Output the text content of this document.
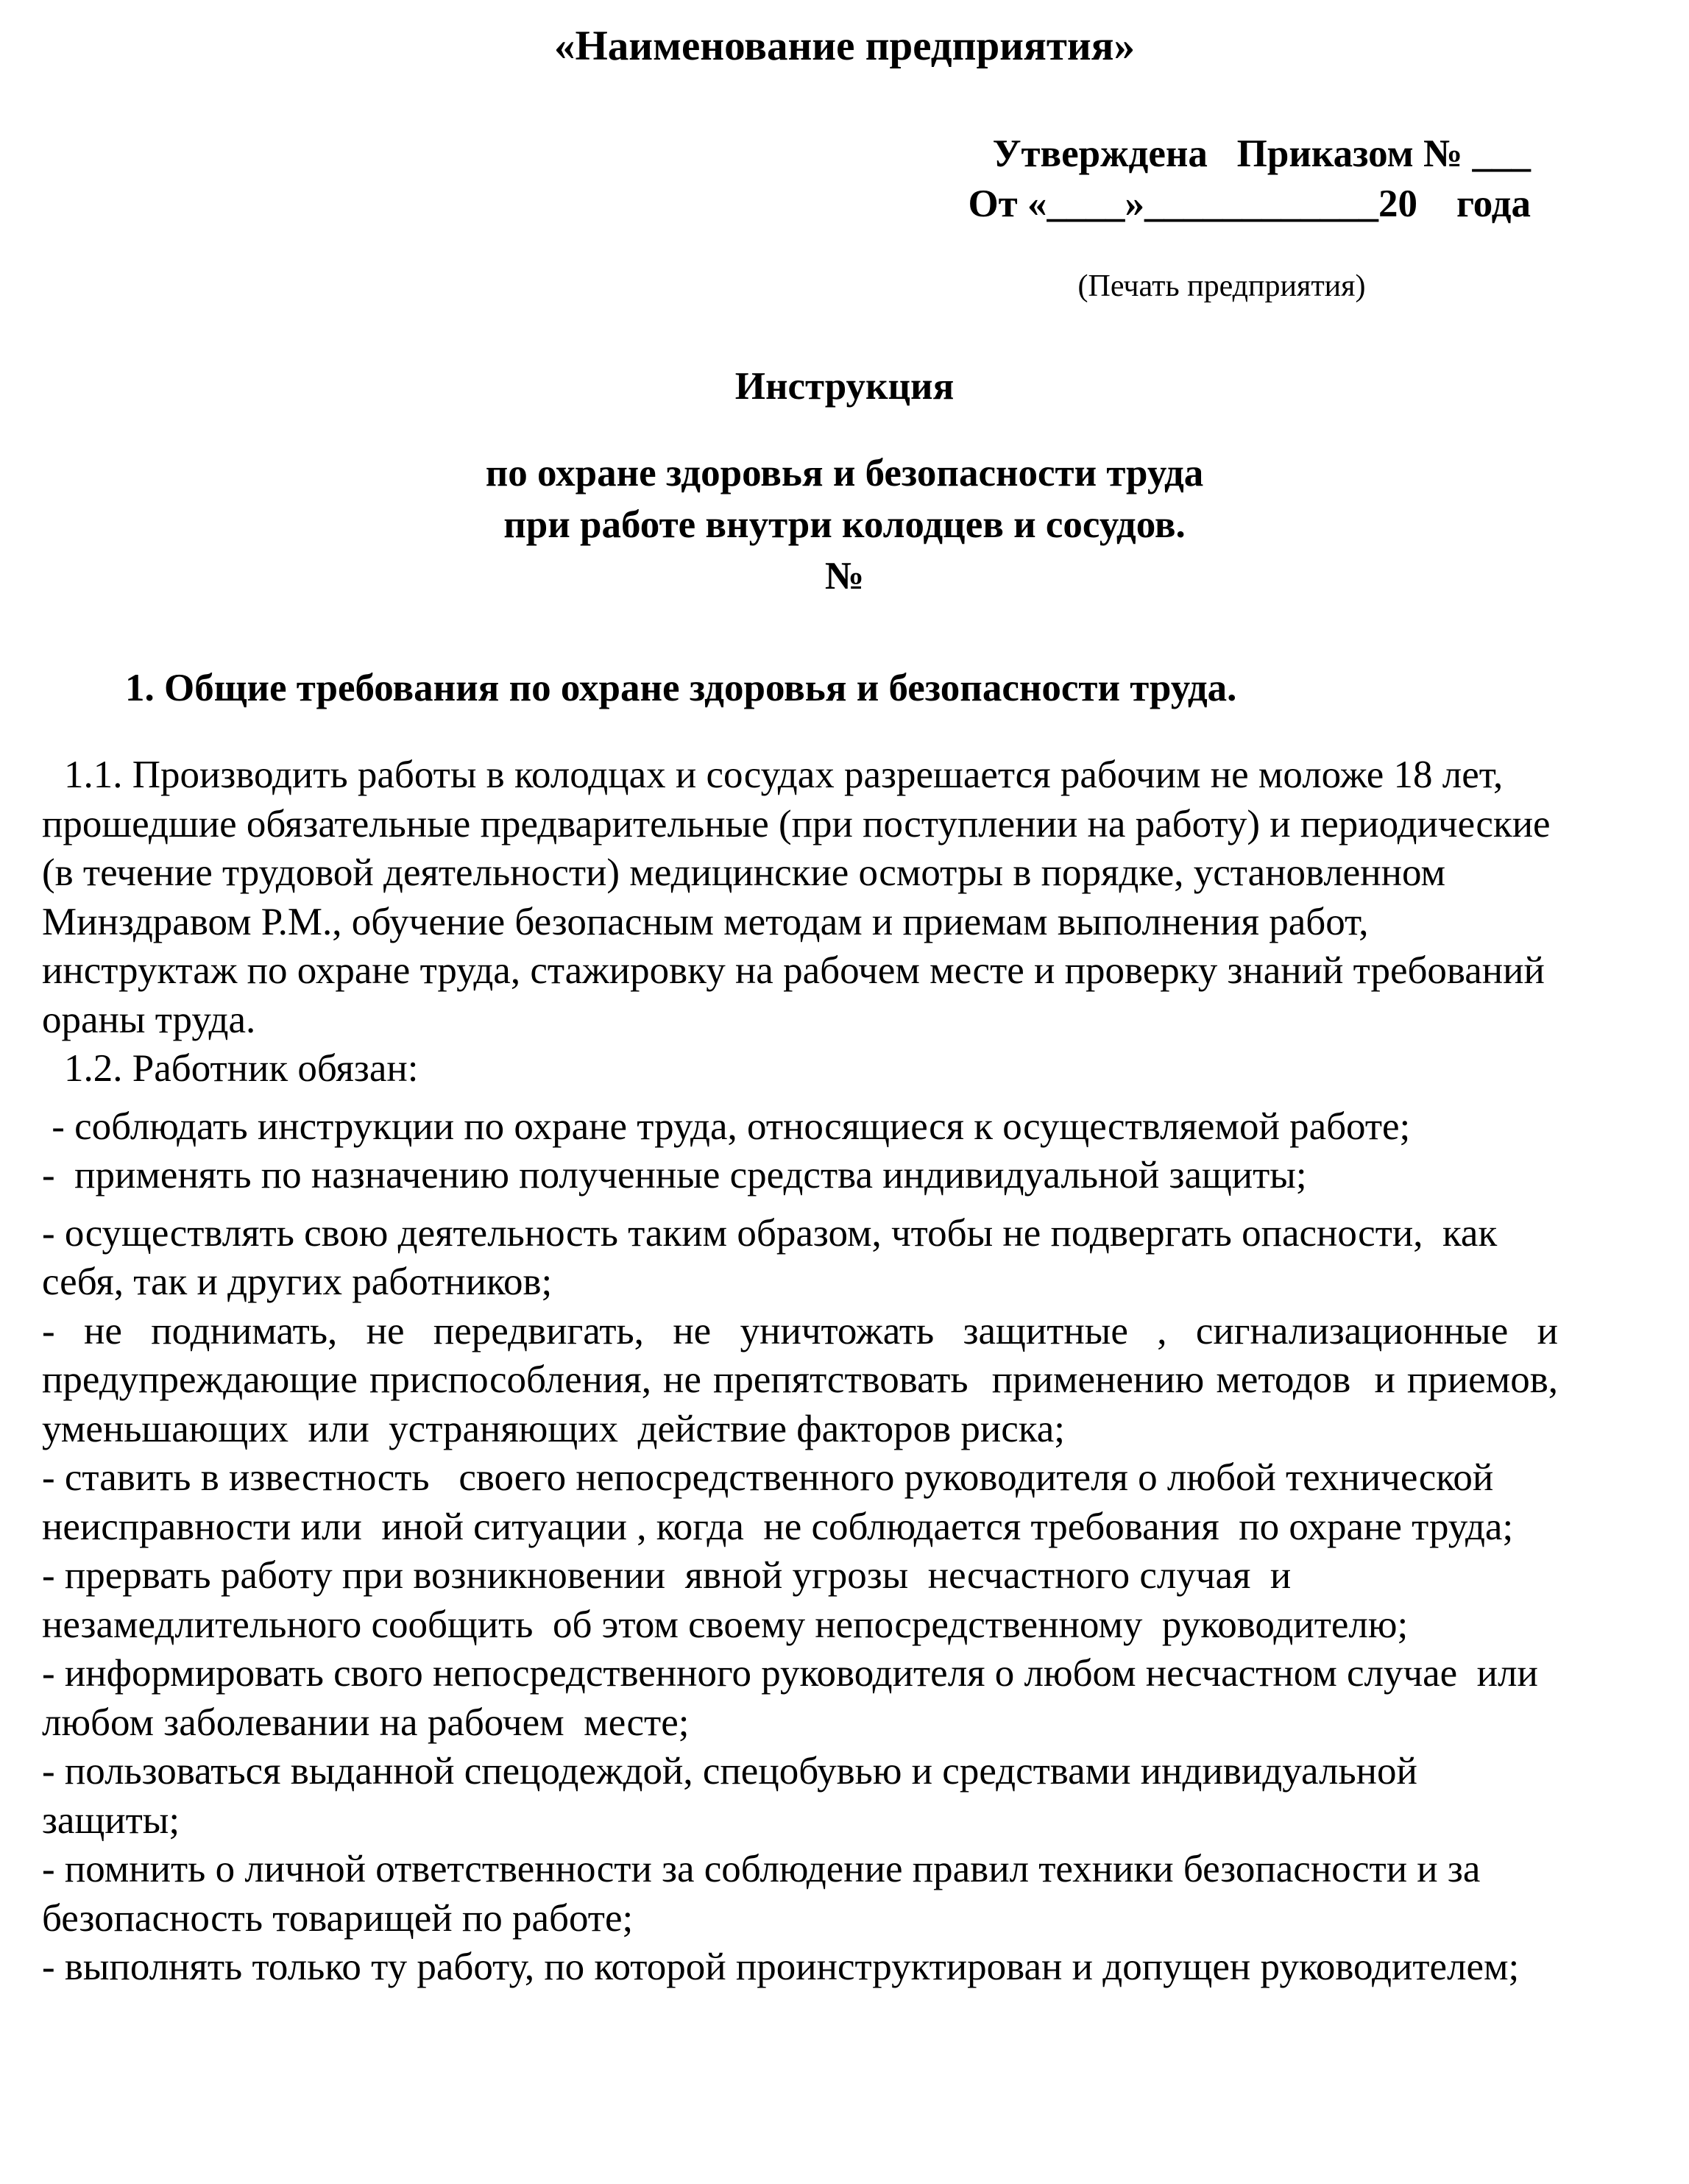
«Наименование предприятия»
Утверждена   Приказом № ___
От «____»____________20    года
(Печать предприятия)
Инструкция
по охране здоровья и безопасности труда
при работе внутри колодцев и сосудов.
№
1. Общие требования по охране здоровья и безопасности труда.
1.1. Производить работы в колодцах и сосудах разрешается рабочим не моложе 18 лет, прошедшие обязательные предварительные (при поступлении на работу) и периодические (в течение трудовой деятельности) медицинские осмотры в порядке, установленном Минздравом Р.М., обучение безопасным методам и приемам выполнения работ, инструктаж по охране труда, стажировку на рабочем месте и проверку знаний требований ораны труда.
1.2. Работник обязан:
- соблюдать инструкции по охране труда, относящиеся к осуществляемой работе;
-  применять по назначению полученные средства индивидуальной защиты;
- осуществлять свою деятельность таким образом, чтобы не подвергать опасности,  как себя, так и других работников;
- не поднимать, не передвигать, не уничтожать защитные , сигнализационные и предупреждающие приспособления, не препятствовать  применению методов  и приемов, уменьшающих  или  устраняющих  действие факторов риска;
- ставить в известность   своего непосредственного руководителя о любой технической  неисправности или  иной ситуации , когда  не соблюдается требования  по охране труда;
- прервать работу при возникновении  явной угрозы  несчастного случая  и незамедлительного сообщить  об этом своему непосредственному  руководителю;
- информировать свого непосредственного руководителя о любом несчастном случае  или любом заболевании на рабочем  месте;
- пользоваться выданной спецодеждой, спецобувью и средствами индивидуальной защиты;
- помнить о личной ответственности за соблюдение правил техники безопасности и за безопасность товарищей по работе;
- выполнять только ту работу, по которой проинструктирован и допущен руководителем;
